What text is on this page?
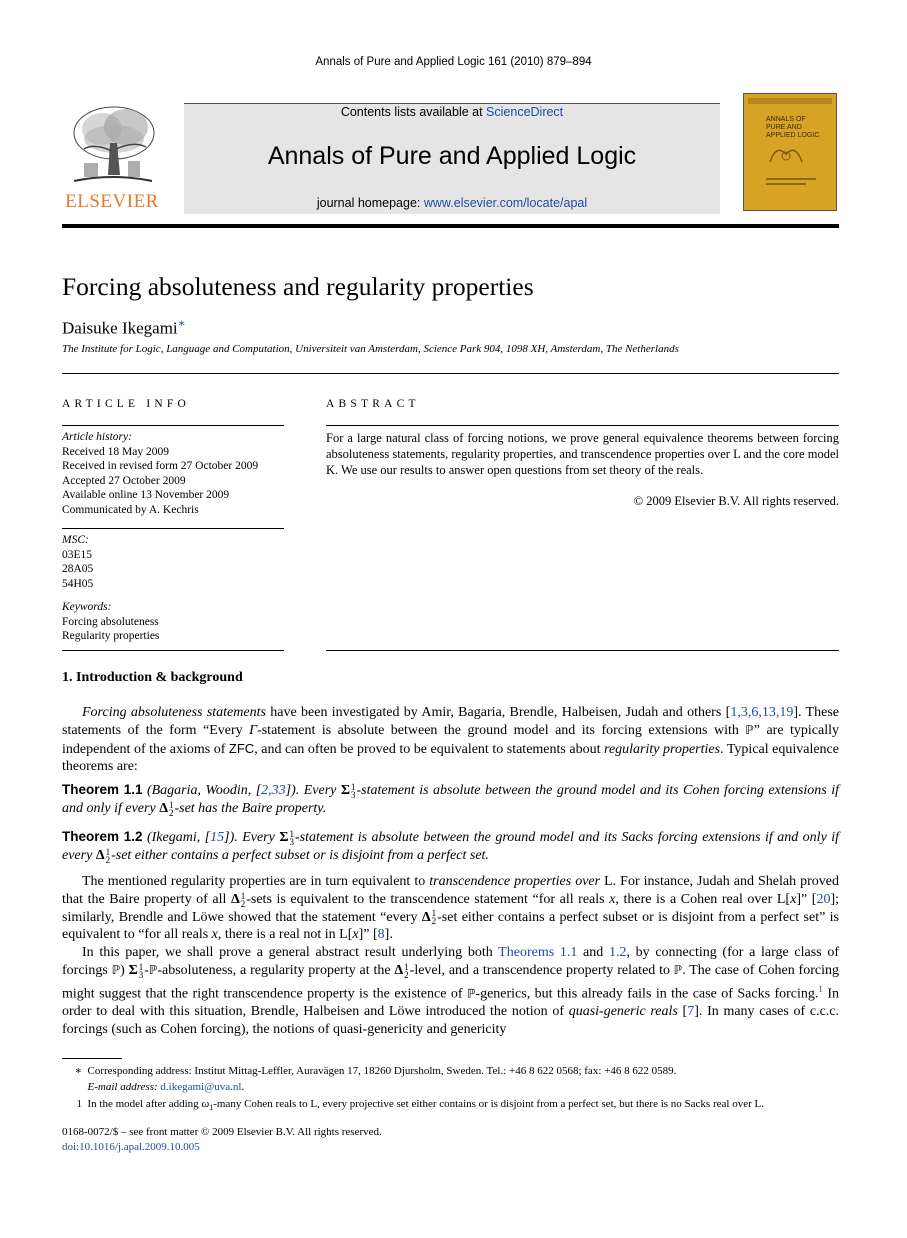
Annals of Pure and Applied Logic 161 (2010) 879–894
ELSEVIER
Contents lists available at ScienceDirect
Annals of Pure and Applied Logic
journal homepage: www.elsevier.com/locate/apal
ANNALS OF
PURE AND
APPLIED LOGIC
Forcing absoluteness and regularity properties
Daisuke Ikegami∗
The Institute for Logic, Language and Computation, Universiteit van Amsterdam, Science Park 904, 1098 XH, Amsterdam, The Netherlands
ARTICLE INFO
Article history:
Received 18 May 2009
Received in revised form 27 October 2009
Accepted 27 October 2009
Available online 13 November 2009
Communicated by A. Kechris
MSC:
03E15
28A05
54H05
Keywords:
Forcing absoluteness
Regularity properties
ABSTRACT
For a large natural class of forcing notions, we prove general equivalence theorems between forcing absoluteness statements, regularity properties, and transcendence properties over L and the core model K. We use our results to answer open questions from set theory of the reals.
© 2009 Elsevier B.V. All rights reserved.
1. Introduction & background
Forcing absoluteness statements have been investigated by Amir, Bagaria, Brendle, Halbeisen, Judah and others [1,3,6,13,19]. These statements of the form “Every Γ-statement is absolute between the ground model and its forcing extensions with ℙ” are typically independent of the axioms of ZFC, and can often be proved to be equivalent to statements about regularity properties. Typical equivalence theorems are:
Theorem 1.1 (Bagaria, Woodin, [2,33]). Every Σ 1
3 -statement is absolute between the ground model and its Cohen forcing extensions if and only if every Δ 1
2 -set has the Baire property.
Theorem 1.2 (Ikegami, [15]). Every Σ 1
3 -statement is absolute between the ground model and its Sacks forcing extensions if and only if every Δ 1
2 -set either contains a perfect subset or is disjoint from a perfect set.
The mentioned regularity properties are in turn equivalent to transcendence properties over L. For instance, Judah and Shelah proved that the Baire property of all Δ 1
2 -sets is equivalent to the transcendence statement “for all reals x, there is a Cohen real over L[x]” [20]; similarly, Brendle and Löwe showed that the statement “every Δ 1
2 -set either contains a perfect subset or is disjoint from a perfect set” is equivalent to “for all reals x, there is a real not in L[x]” [8].
In this paper, we shall prove a general abstract result underlying both Theorems 1.1 and 1.2, by connecting (for a large class of forcings ℙ) Σ 1
3 -ℙ-absoluteness, a regularity property at the Δ 1
2 -level, and a transcendence property related to ℙ. The case of Cohen forcing might suggest that the right transcendence property is the existence of ℙ-generics, but this already fails in the case of Sacks forcing.$^1$ In order to deal with this situation, Brendle, Halbeisen and Löwe introduced the notion of quasi-generic reals [7]. In many cases of c.c.c. forcings (such as Cohen forcing), the notions of quasi-genericity and genericity
∗ Corresponding address: Institut Mittag-Leffler, Auravägen 17, 18260 Djursholm, Sweden. Tel.: +46 8 622 0568; fax: +46 8 622 0589.
E-mail address: d.ikegami@uva.nl.
1 In the model after adding $\omega_1$-many Cohen reals to L, every projective set either contains or is disjoint from a perfect set, but there is no Sacks real over L.
0168-0072/$ – see front matter © 2009 Elsevier B.V. All rights reserved.
doi:10.1016/j.apal.2009.10.005
